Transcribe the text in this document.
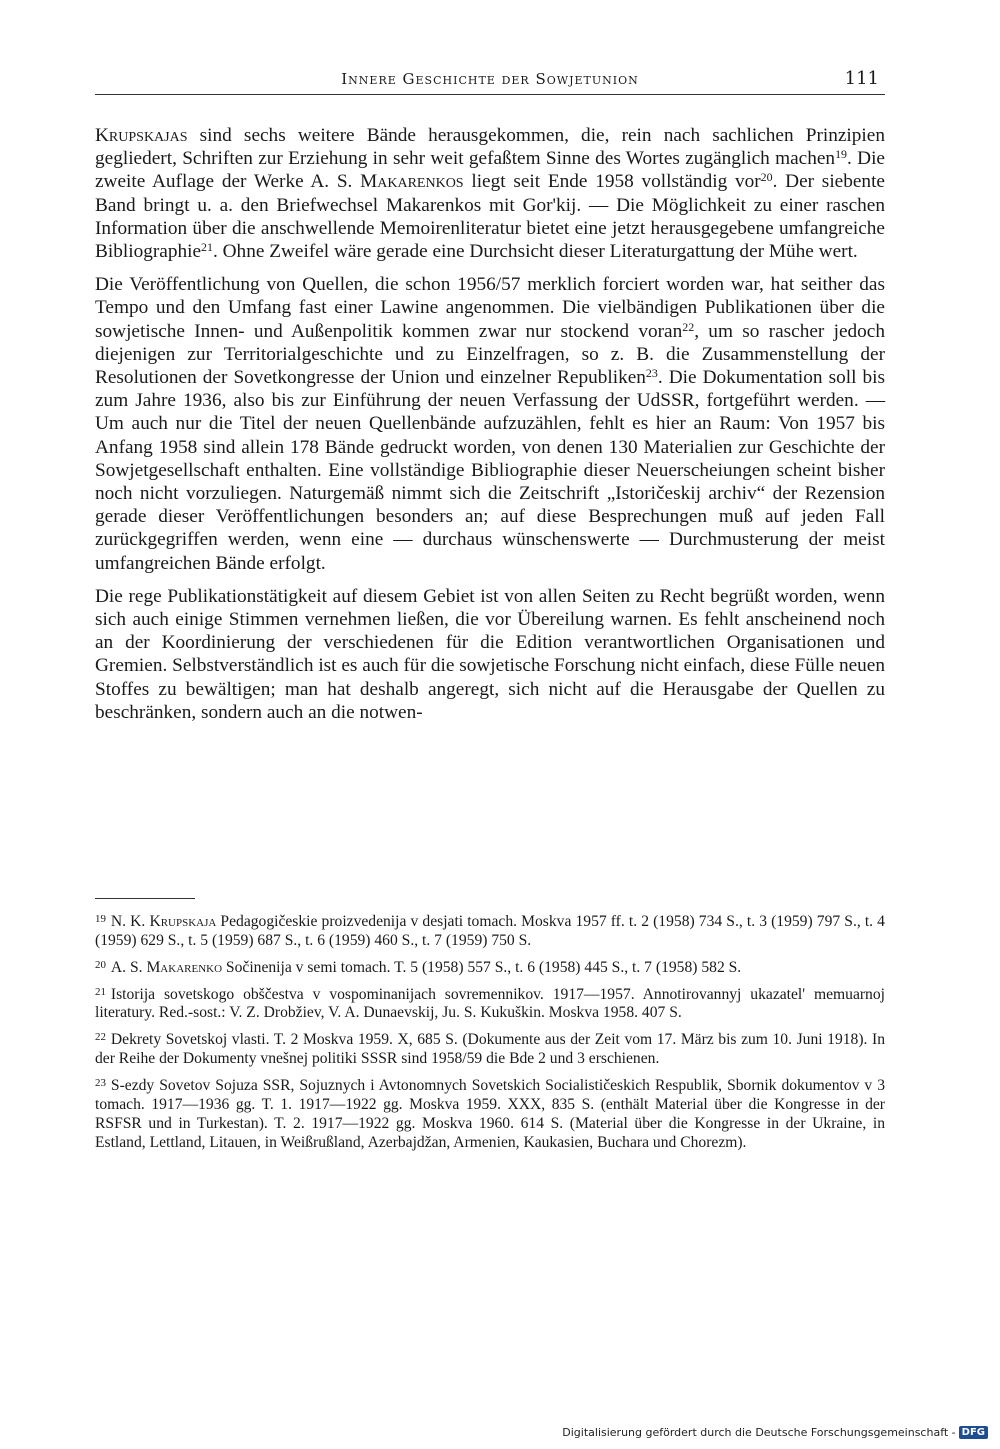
Innere Geschichte der Sowjetunion	111

Krupskajas sind sechs weitere Bände herausgekommen, die, rein nach sachlichen Prinzipien gegliedert, Schriften zur Erziehung in sehr weit gefaßtem Sinne des Wortes zugänglich machen$^{19}$. Die zweite Auflage der Werke A. S. Makarenkos liegt seit Ende 1958 vollständig vor$^{20}$. Der siebente Band bringt u. a. den Briefwechsel Makarenkos mit Gor'kij. — Die Möglichkeit zu einer raschen Information über die anschwellende Memoirenliteratur bietet eine jetzt herausgegebene umfangreiche Bibliographie$^{21}$. Ohne Zweifel wäre gerade eine Durchsicht dieser Literaturgattung der Mühe wert.

Die Veröffentlichung von Quellen, die schon 1956/57 merklich forciert worden war, hat seither das Tempo und den Umfang fast einer Lawine angenommen. Die vielbändigen Publikationen über die sowjetische Innen- und Außenpolitik kommen zwar nur stockend voran$^{22}$, um so rascher jedoch diejenigen zur Territorialgeschichte und zu Einzelfragen, so z. B. die Zusammenstellung der Resolutionen der Sovetkongresse der Union und einzelner Republiken$^{23}$. Die Dokumentation soll bis zum Jahre 1936, also bis zur Einführung der neuen Verfassung der UdSSR, fortgeführt werden. — Um auch nur die Titel der neuen Quellenbände aufzuzählen, fehlt es hier an Raum: Von 1957 bis Anfang 1958 sind allein 178 Bände gedruckt worden, von denen 130 Materialien zur Geschichte der Sowjetgesellschaft enthalten. Eine vollständige Bibliographie dieser Neuerscheiungen scheint bisher noch nicht vorzuliegen. Naturgemäß nimmt sich die Zeitschrift „Istoričeskij archiv“ der Rezension gerade dieser Veröffentlichungen besonders an; auf diese Besprechungen muß auf jeden Fall zurückgegriffen werden, wenn eine — durchaus wünschenswerte — Durchmusterung der meist umfangreichen Bände erfolgt.

Die rege Publikationstätigkeit auf diesem Gebiet ist von allen Seiten zu Recht begrüßt worden, wenn sich auch einige Stimmen vernehmen ließen, die vor Übereilung warnen. Es fehlt anscheinend noch an der Koordinierung der verschiedenen für die Edition verantwortlichen Organisationen und Gremien. Selbstverständlich ist es auch für die sowjetische Forschung nicht einfach, diese Fülle neuen Stoffes zu bewältigen; man hat deshalb angeregt, sich nicht auf die Herausgabe der Quellen zu beschränken, sondern auch an die notwen-

$^{19}$ N. K. Krupskaja Pedagogičeskie proizvedenija v desjati tomach. Moskva 1957 ff. t. 2 (1958) 734 S., t. 3 (1959) 797 S., t. 4 (1959) 629 S., t. 5 (1959) 687 S., t. 6 (1959) 460 S., t. 7 (1959) 750 S.
$^{20}$ A. S. Makarenko Sočinenija v semi tomach. T. 5 (1958) 557 S., t. 6 (1958) 445 S., t. 7 (1958) 582 S.
$^{21}$ Istorija sovetskogo obščestva v vospominanijach sovremennikov. 1917—1957. Annotirovannyj ukazatel' memuarnoj literatury. Red.-sost.: V. Z. Drobžiev, V. A. Dunaevskij, Ju. S. Kukuškin. Moskva 1958. 407 S.
$^{22}$ Dekrety Sovetskoj vlasti. T. 2 Moskva 1959. X, 685 S. (Dokumente aus der Zeit vom 17. März bis zum 10. Juni 1918). In der Reihe der Dokumenty vnešnej politiki SSSR sind 1958/59 die Bde 2 und 3 erschienen.
$^{23}$ S-ezdy Sovetov Sojuza SSR, Sojuznych i Avtonomnych Sovetskich Socialističeskich Respublik, Sbornik dokumentov v 3 tomach. 1917—1936 gg. T. 1. 1917—1922 gg. Moskva 1959. XXX, 835 S. (enthält Material über die Kongresse in der RSFSR und in Turkestan). T. 2. 1917—1922 gg. Moskva 1960. 614 S. (Material über die Kongresse in der Ukraine, in Estland, Lettland, Litauen, in Weißrußland, Azerbajdžan, Armenien, Kaukasien, Buchara und Chorezm).
Digitalisierung gefördert durch die Deutsche Forschungsgemeinschaft - DFG
